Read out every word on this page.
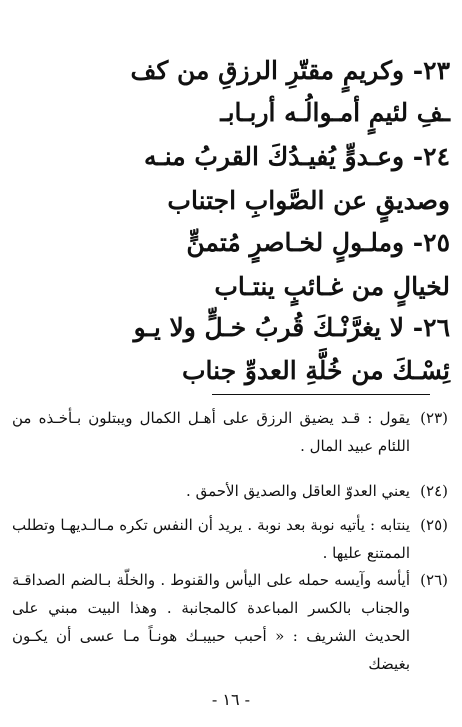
٢٣- وكريمٍ مقتّرِ الرزقِ من كف
ـفِ لئيمٍ أمـوالُـه أربـابـ
٢٤- وعـدوٍّ يُفيـدُكَ القربُ منـه
وصديقٍ عن الصَّوابِ اجتناب
٢٥- وملـولٍ لخـاصرٍ مُتمنٍّ
لخيالٍ من غـائبٍ ينتـاب
٢٦- لا يغرَّنْـكَ قُربُ خـلٍّ ولا يـو
ئِسْـكَ من خُلَّةِ العدوِّ جناب
(٢٣)
يقول : قـد يضيق الرزق على أهـل الكمال ويبتلون بـأخـذه من اللئام عبيد المال .
(٢٤)
يعني العدوّ العاقل والصديق الأحمق .
(٢٥)
ينتابه : يأتيه نوبة بعد نوبة . يريد أن النفس تكره مـالـديهـا وتطلب الممتنع عليها .
(٢٦)
أيأسه وآيسه حمله على اليأس والقنوط . والخلّة بـالضم الصداقـة والجناب بالكسر المباعدة كالمجانبة . وهذا البيت مبني على الحديث الشريف : « أحبب حبيبـك هونـاً مـا عسى أن يكـون بغيضك
- ١٦ -
